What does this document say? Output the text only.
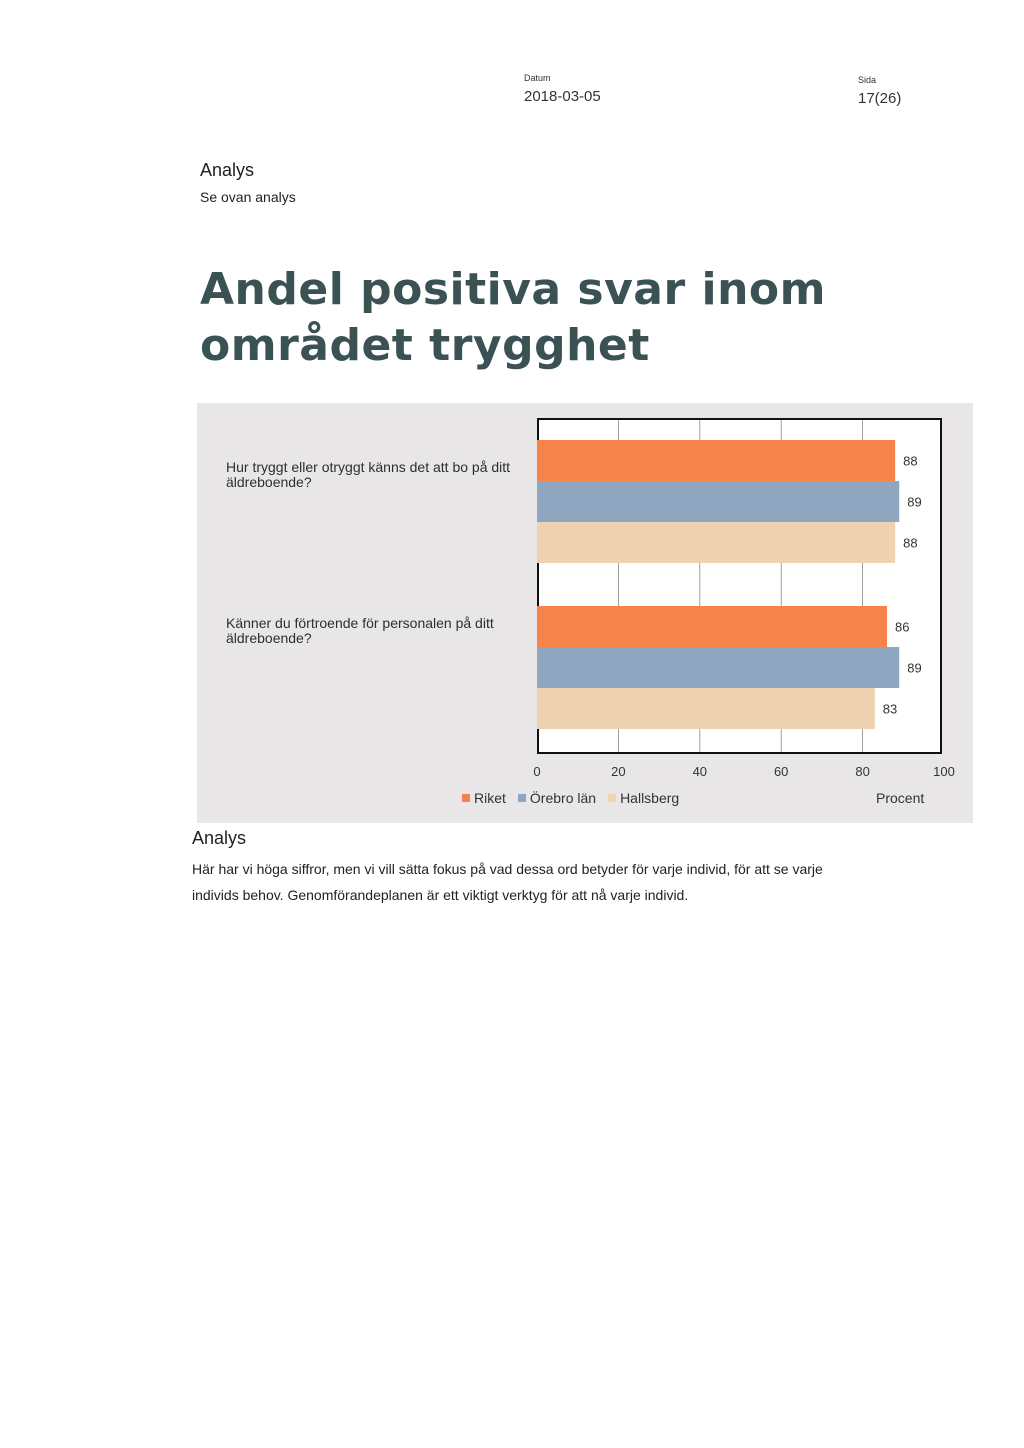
Datum
2018-03-05
Sida
17(26)
Analys
Se ovan analys
Andel positiva svar inom området trygghet
Hur tryggt eller otryggt känns det att bo på ditt äldreboende?
Känner du förtroende för personalen på ditt äldreboende?
88
89
88
86
89
83
0	20	40	60	80	100
Riket Örebro län Hallsberg	Procent
Analys
Här har vi höga siffror, men vi vill sätta fokus på vad dessa ord betyder för varje individ, för att se varje individs behov. Genomförandeplanen är ett viktigt verktyg för att nå varje individ.
